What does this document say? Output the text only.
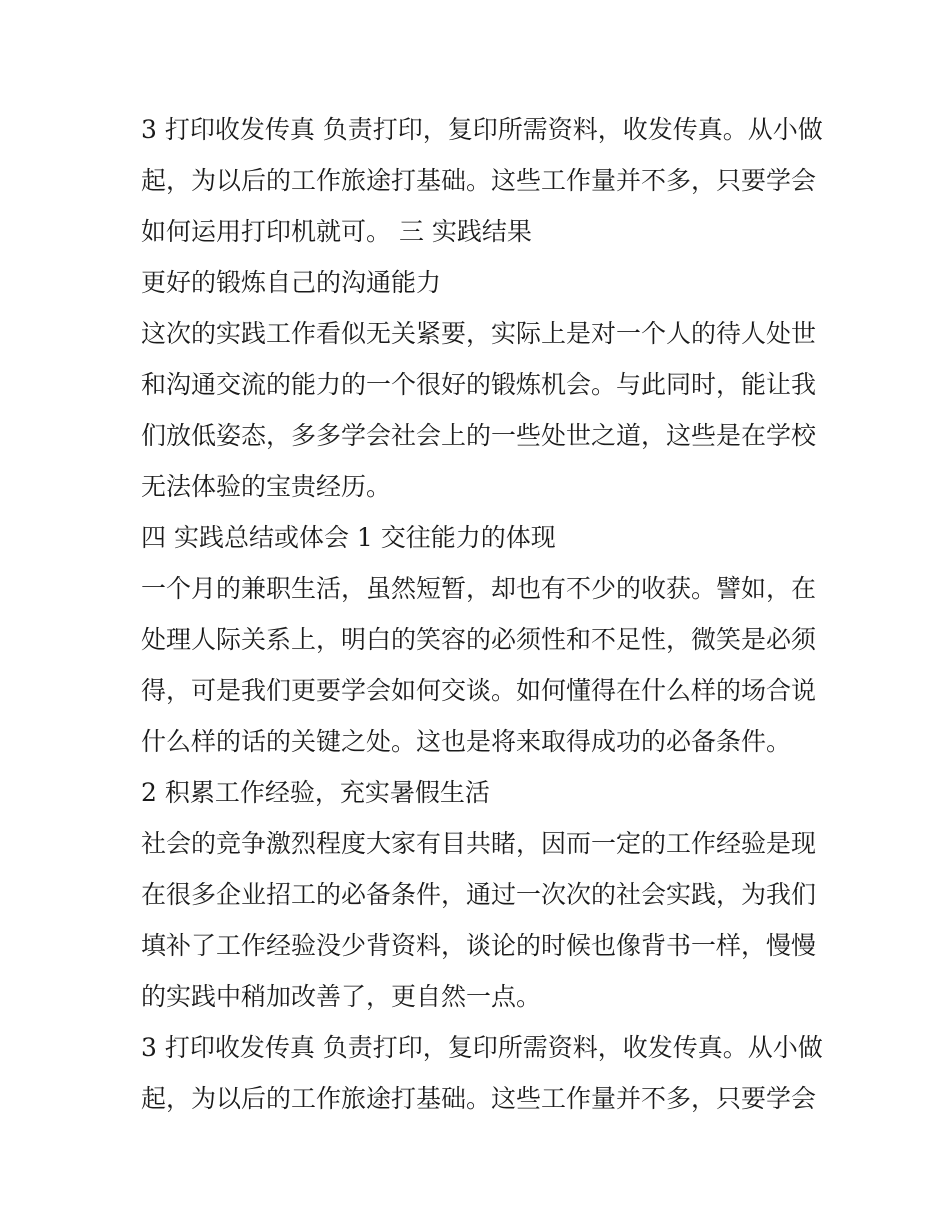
3 打印收发传真 负责打印，复印所需资料，收发传真。从小做
起，为以后的工作旅途打基础。这些工作量并不多，只要学会
如何运用打印机就可。 三 实践结果

更好的锻炼自己的沟通能力

这次的实践工作看似无关紧要，实际上是对一个人的待人处世
和沟通交流的能力的一个很好的锻炼机会。与此同时，能让我
们放低姿态，多多学会社会上的一些处世之道，这些是在学校
无法体验的宝贵经历。

四 实践总结或体会 1 交往能力的体现

一个月的兼职生活，虽然短暂，却也有不少的收获。譬如，在
处理人际关系上，明白的笑容的必须性和不足性，微笑是必须
得，可是我们更要学会如何交谈。如何懂得在什么样的场合说
什么样的话的关键之处。这也是将来取得成功的必备条件。

2 积累工作经验，充实暑假生活

社会的竞争激烈程度大家有目共睹，因而一定的工作经验是现
在很多企业招工的必备条件，通过一次次的社会实践，为我们
填补了工作经验没少背资料，谈论的时候也像背书一样，慢慢
的实践中稍加改善了，更自然一点。

3 打印收发传真 负责打印，复印所需资料，收发传真。从小做
起，为以后的工作旅途打基础。这些工作量并不多，只要学会
